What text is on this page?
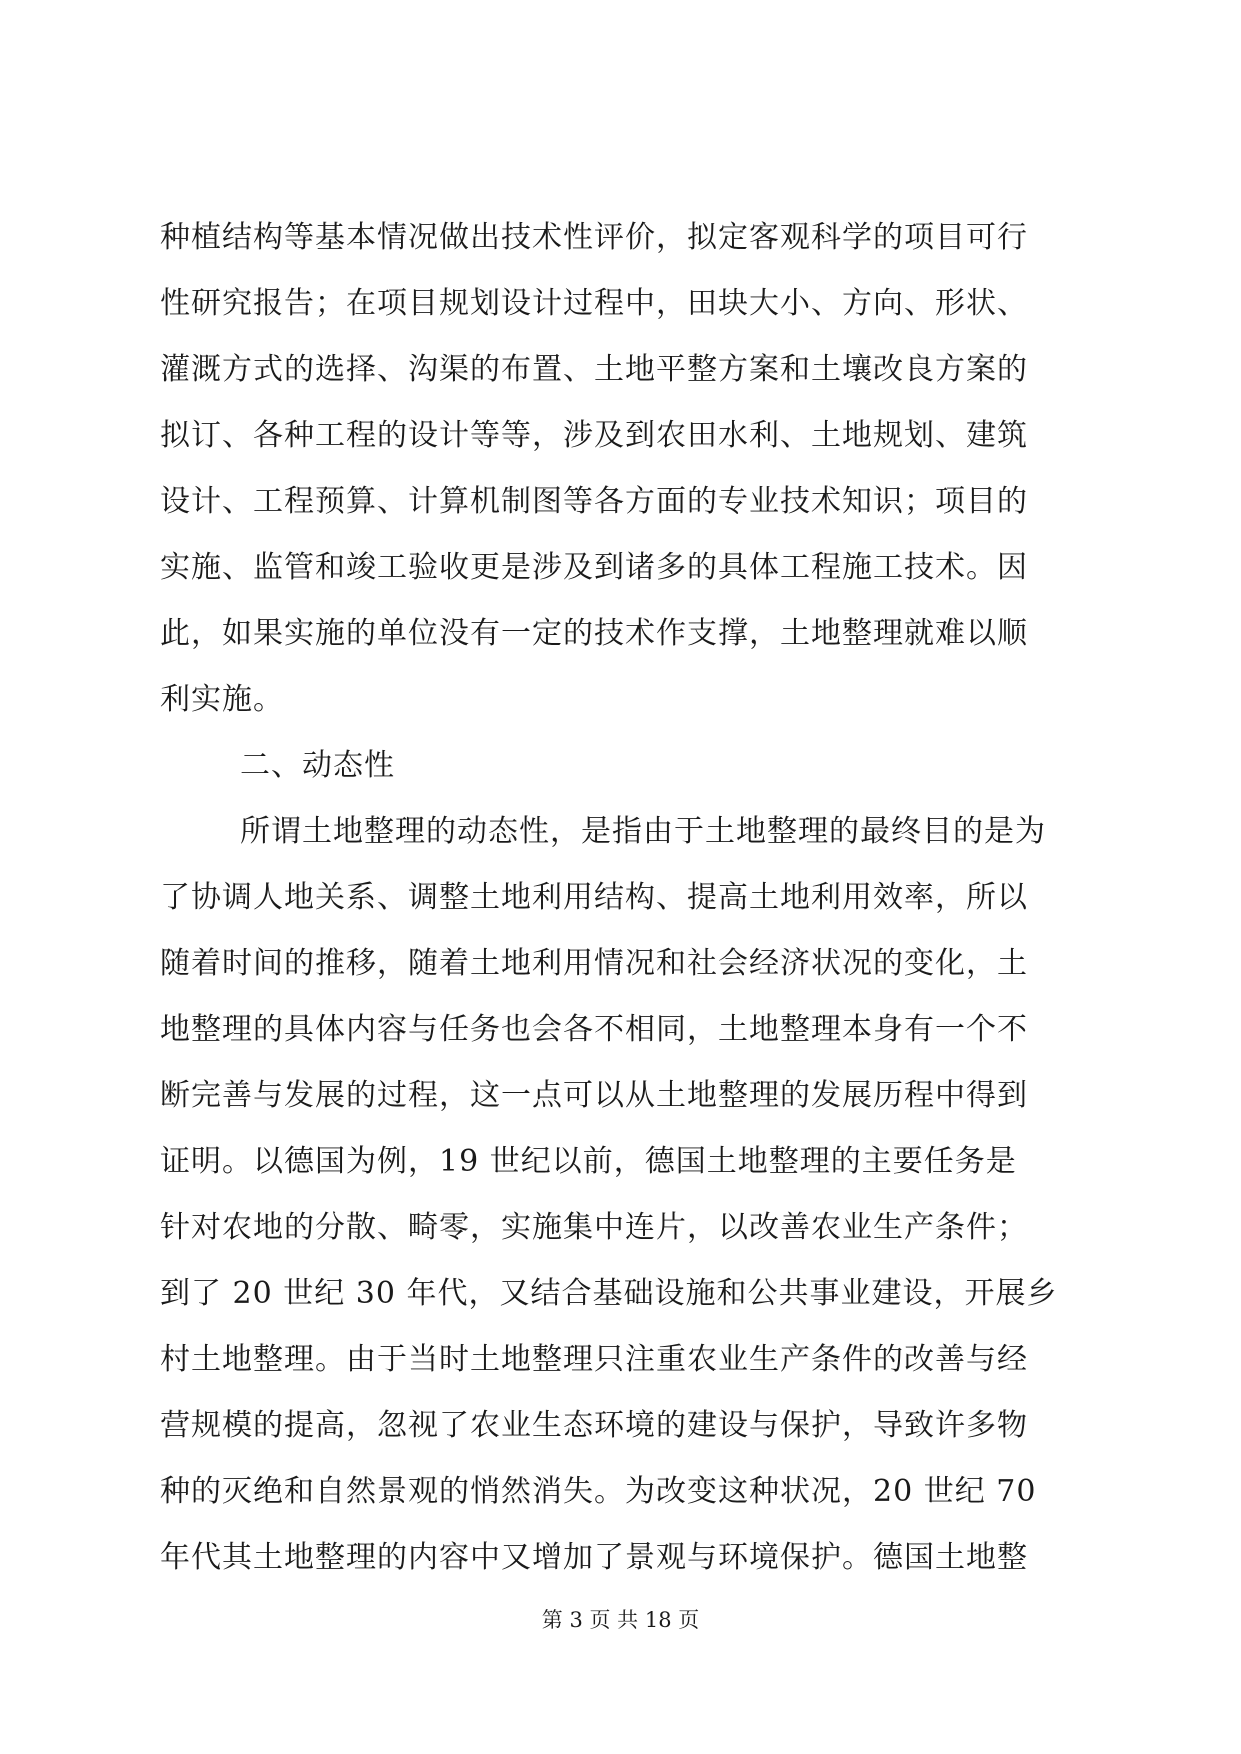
种植结构等基本情况做出技术性评价，拟定客观科学的项目可行
性研究报告；在项目规划设计过程中，田块大小、方向、形状、
灌溉方式的选择、沟渠的布置、土地平整方案和土壤改良方案的
拟订、各种工程的设计等等，涉及到农田水利、土地规划、建筑
设计、工程预算、计算机制图等各方面的专业技术知识；项目的
实施、监管和竣工验收更是涉及到诸多的具体工程施工技术。因
此，如果实施的单位没有一定的技术作支撑，土地整理就难以顺
利实施。
二、动态性
所谓土地整理的动态性，是指由于土地整理的最终目的是为
了协调人地关系、调整土地利用结构、提高土地利用效率，所以
随着时间的推移，随着土地利用情况和社会经济状况的变化，土
地整理的具体内容与任务也会各不相同，土地整理本身有一个不
断完善与发展的过程，这一点可以从土地整理的发展历程中得到
证明。以德国为例，19 世纪以前，德国土地整理的主要任务是
针对农地的分散、畸零，实施集中连片，以改善农业生产条件；
到了 20 世纪 30 年代，又结合基础设施和公共事业建设，开展乡
村土地整理。由于当时土地整理只注重农业生产条件的改善与经
营规模的提高，忽视了农业生态环境的建设与保护，导致许多物
种的灭绝和自然景观的悄然消失。为改变这种状况，20 世纪 70
年代其土地整理的内容中又增加了景观与环境保护。德国土地整
第 3 页 共 18 页
